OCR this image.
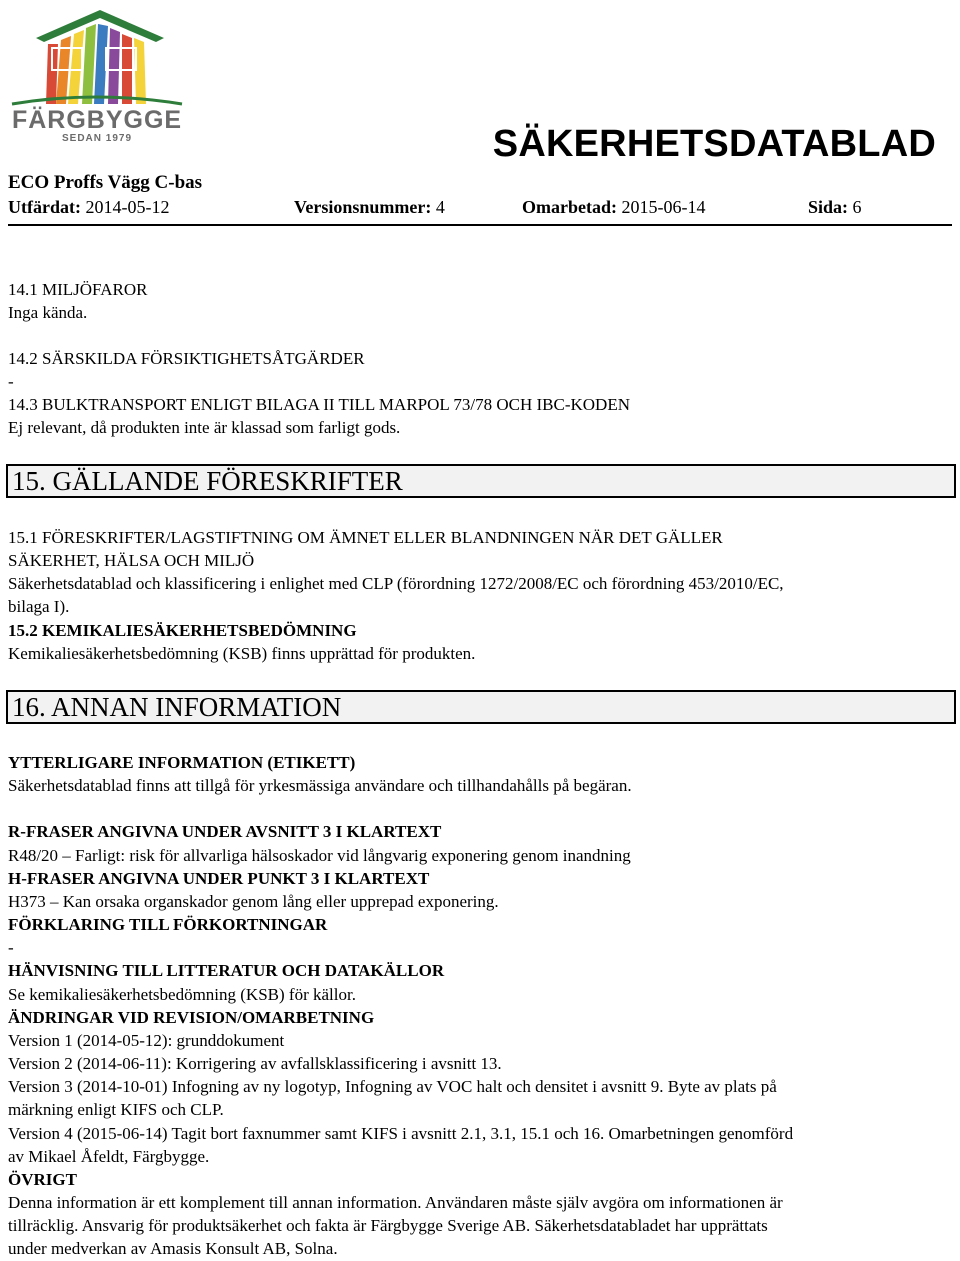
FÄRGBYGGE
SEDAN 1979	SÄKERHETSDATABLAD
ECO Proffs Vägg C-bas
Utfärdat: 2014-05-12	Versionsnummer: 4	Omarbetad: 2015-06-14	Sida: 6
14.1 MILJÖFAROR
Inga kända.
14.2 SÄRSKILDA FÖRSIKTIGHETSÅTGÄRDER
-
14.3 BULKTRANSPORT ENLIGT BILAGA II TILL MARPOL 73/78 OCH IBC-KODEN
Ej relevant, då produkten inte är klassad som farligt gods.
15. GÄLLANDE FÖRESKRIFTER
15.1 FÖRESKRIFTER/LAGSTIFTNING OM ÄMNET ELLER BLANDNINGEN NÄR DET GÄLLER
SÄKERHET, HÄLSA OCH MILJÖ
Säkerhetsdatablad och klassificering i enlighet med CLP (förordning 1272/2008/EC och förordning 453/2010/EC,
bilaga I).
15.2 KEMIKALIESÄKERHETSBEDÖMNING
Kemikaliesäkerhetsbedömning (KSB) finns upprättad för produkten.
16. ANNAN INFORMATION
YTTERLIGARE INFORMATION (ETIKETT)
Säkerhetsdatablad finns att tillgå för yrkesmässiga användare och tillhandahålls på begäran.
R-FRASER ANGIVNA UNDER AVSNITT 3 I KLARTEXT
R48/20 – Farligt: risk för allvarliga hälsoskador vid långvarig exponering genom inandning
H-FRASER ANGIVNA UNDER PUNKT 3 I KLARTEXT
H373 – Kan orsaka organskador genom lång eller upprepad exponering.
FÖRKLARING TILL FÖRKORTNINGAR
-
HÄNVISNING TILL LITTERATUR OCH DATAKÄLLOR
Se kemikaliesäkerhetsbedömning (KSB) för källor.
ÄNDRINGAR VID REVISION/OMARBETNING
Version 1 (2014-05-12): grunddokument
Version 2 (2014-06-11): Korrigering av avfallsklassificering i avsnitt 13.
Version 3 (2014-10-01) Infogning av ny logotyp, Infogning av VOC halt och densitet i avsnitt 9. Byte av plats på
märkning enligt KIFS och CLP.
Version 4 (2015-06-14) Tagit bort faxnummer samt KIFS i avsnitt 2.1, 3.1, 15.1 och 16. Omarbetningen genomförd
av Mikael Åfeldt, Färgbygge.
ÖVRIGT
Denna information är ett komplement till annan information. Användaren måste själv avgöra om informationen är
tillräcklig. Ansvarig för produktsäkerhet och fakta är Färgbygge Sverige AB. Säkerhetsdatabladet har upprättats
under medverkan av Amasis Konsult AB, Solna.
